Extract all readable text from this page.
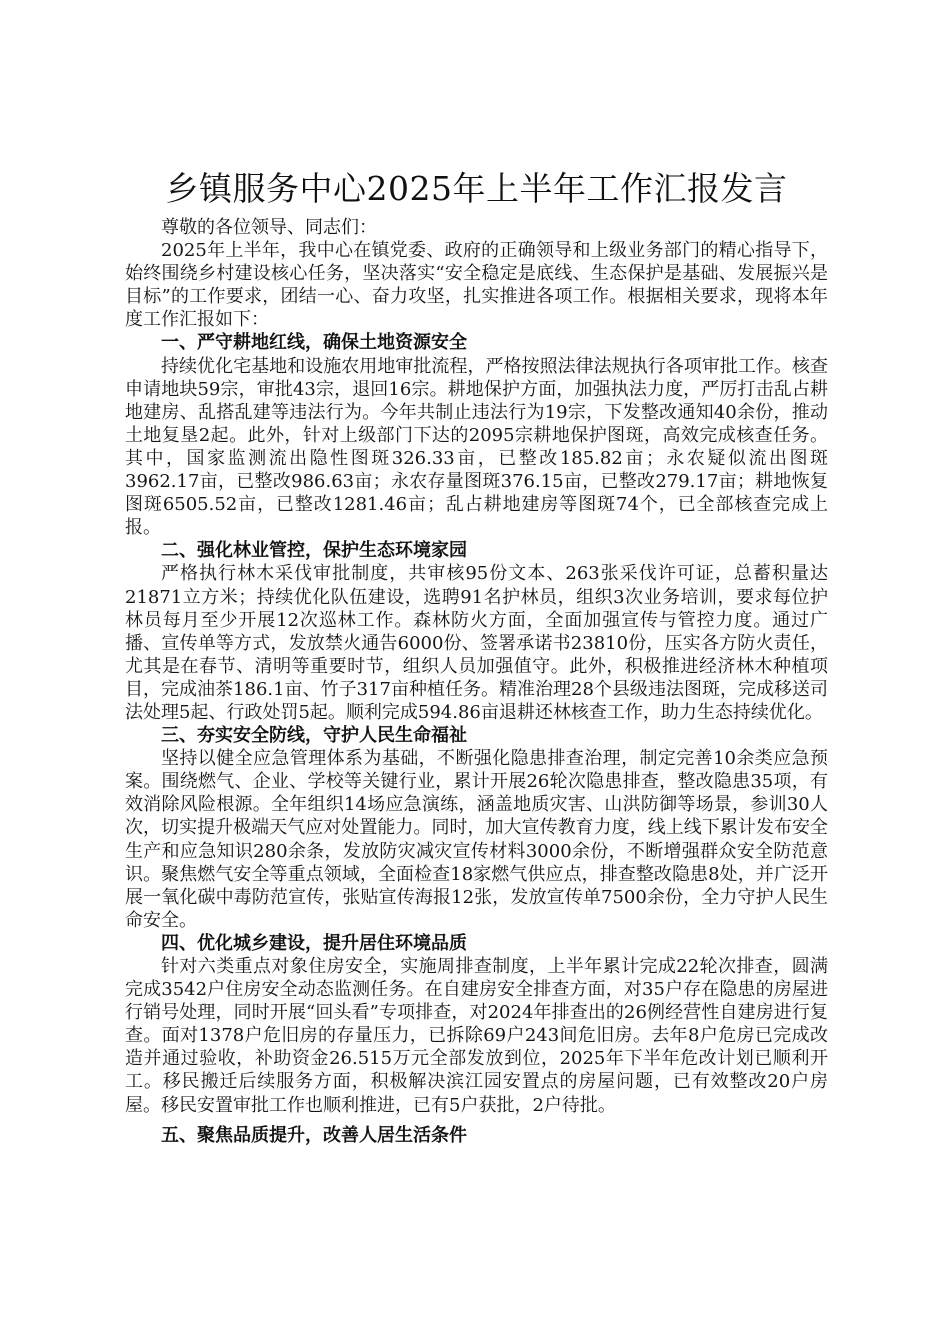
乡镇服务中心2025年上半年工作汇报发言

尊敬的各位领导、同志们：

2025年上半年，我中心在镇党委、政府的正确领导和上级业务部门的精心指导下，始终围绕乡村建设核心任务，坚决落实“安全稳定是底线、生态保护是基础、发展振兴是目标”的工作要求，团结一心、奋力攻坚，扎实推进各项工作。根据相关要求，现将本年度工作汇报如下：

一、严守耕地红线，确保土地资源安全

持续优化宅基地和设施农用地审批流程，严格按照法律法规执行各项审批工作。核查申请地块59宗，审批43宗，退回16宗。耕地保护方面，加强执法力度，严厉打击乱占耕地建房、乱搭乱建等违法行为。今年共制止违法行为19宗，下发整改通知40余份，推动土地复垦2起。此外，针对上级部门下达的2095宗耕地保护图斑，高效完成核查任务。其中，国家监测流出隐性图斑326.33亩，已整改185.82亩；永农疑似流出图斑3962.17亩，已整改986.63亩；永农存量图斑376.15亩，已整改279.17亩；耕地恢复图斑6505.52亩，已整改1281.46亩；乱占耕地建房等图斑74个，已全部核查完成上报。

二、强化林业管控，保护生态环境家园

严格执行林木采伐审批制度，共审核95份文本、263张采伐许可证，总蓄积量达21871立方米；持续优化队伍建设，选聘91名护林员，组织3次业务培训，要求每位护林员每月至少开展12次巡林工作。森林防火方面，全面加强宣传与管控力度。通过广播、宣传单等方式，发放禁火通告6000份、签署承诺书23810份，压实各方防火责任，尤其是在春节、清明等重要时节，组织人员加强值守。此外，积极推进经济林木种植项目，完成油茶186.1亩、竹子317亩种植任务。精准治理28个县级违法图斑，完成移送司法处理5起、行政处罚5起。顺利完成594.86亩退耕还林核查工作，助力生态持续优化。

三、夯实安全防线，守护人民生命福祉

坚持以健全应急管理体系为基础，不断强化隐患排查治理，制定完善10余类应急预案。围绕燃气、企业、学校等关键行业，累计开展26轮次隐患排查，整改隐患35项，有效消除风险根源。全年组织14场应急演练，涵盖地质灾害、山洪防御等场景，参训30人次，切实提升极端天气应对处置能力。同时，加大宣传教育力度，线上线下累计发布安全生产和应急知识280余条，发放防灾减灾宣传材料3000余份，不断增强群众安全防范意识。聚焦燃气安全等重点领域，全面检查18家燃气供应点，排查整改隐患8处，并广泛开展一氧化碳中毒防范宣传，张贴宣传海报12张，发放宣传单7500余份，全力守护人民生命安全。

四、优化城乡建设，提升居住环境品质

针对六类重点对象住房安全，实施周排查制度，上半年累计完成22轮次排查，圆满完成3542户住房安全动态监测任务。在自建房安全排查方面，对35户存在隐患的房屋进行销号处理，同时开展“回头看”专项排查，对2024年排查出的26例经营性自建房进行复查。面对1378户危旧房的存量压力，已拆除69户243间危旧房。去年8户危房已完成改造并通过验收，补助资金26.515万元全部发放到位，2025年下半年危改计划已顺利开工。移民搬迁后续服务方面，积极解决滨江园安置点的房屋问题，已有效整改20户房屋。移民安置审批工作也顺利推进，已有5户获批，2户待批。

五、聚焦品质提升，改善人居生活条件
